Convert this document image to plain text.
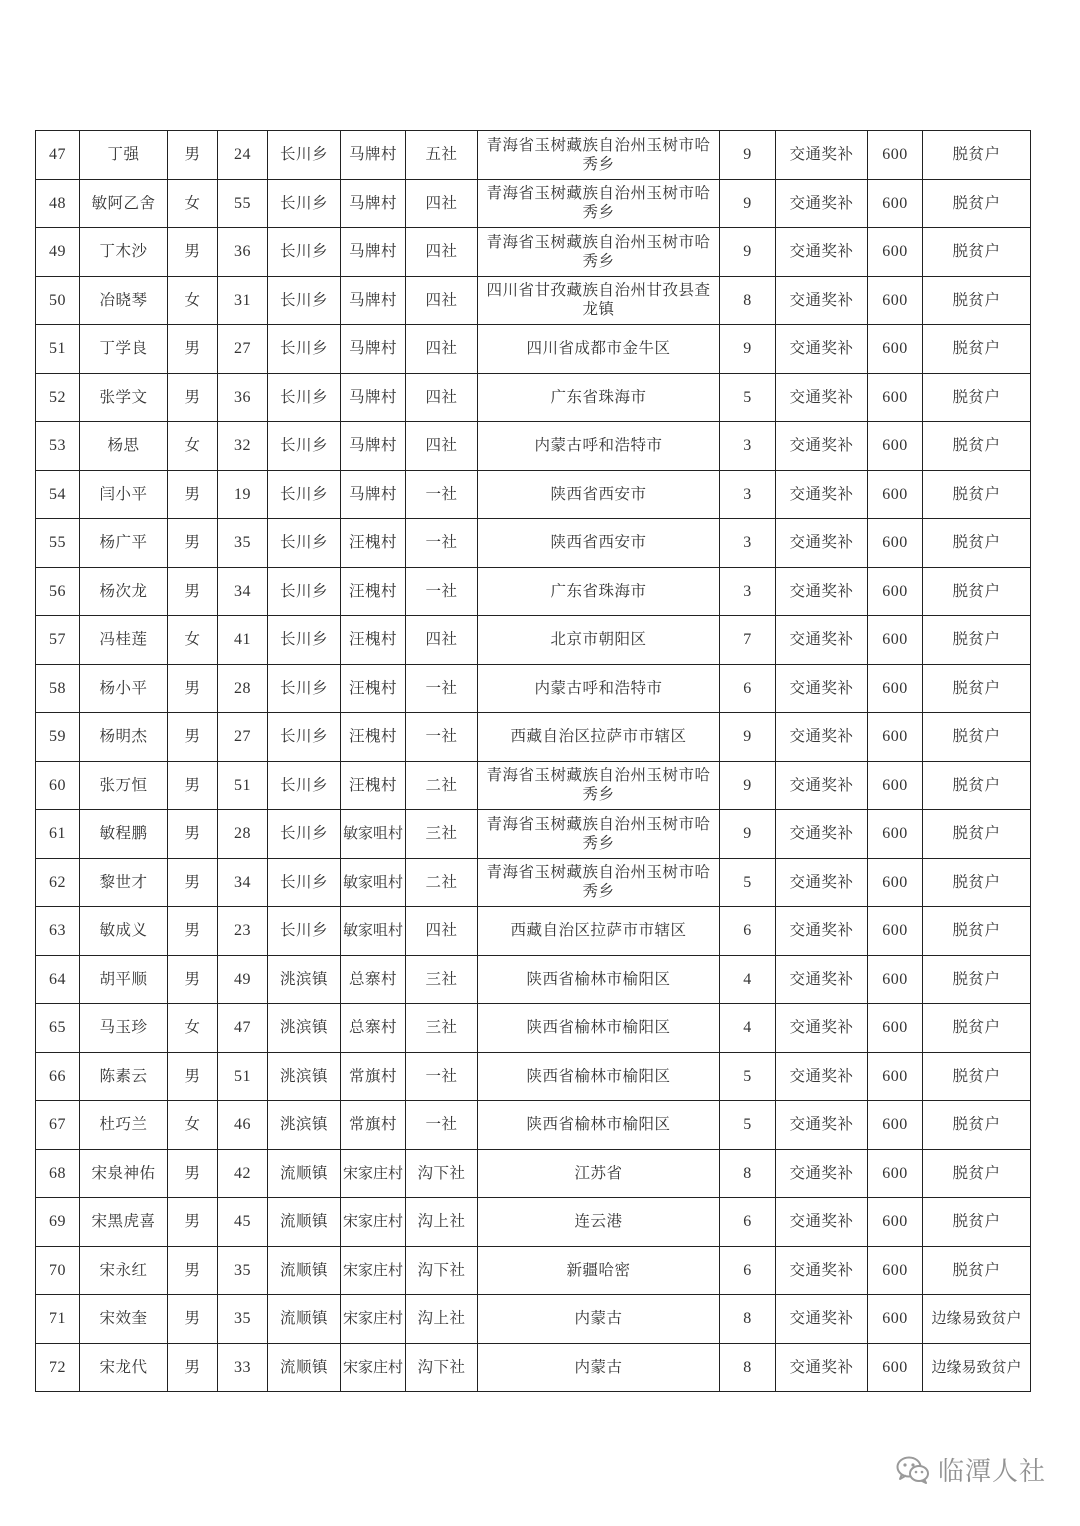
47	丁强	男	24	长川乡	马牌村	五社	青海省玉树藏族自治州玉树市哈秀乡	9	交通奖补	600	脱贫户
48	敏阿乙舍	女	55	长川乡	马牌村	四社	青海省玉树藏族自治州玉树市哈秀乡	9	交通奖补	600	脱贫户
49	丁木沙	男	36	长川乡	马牌村	四社	青海省玉树藏族自治州玉树市哈秀乡	9	交通奖补	600	脱贫户
50	冶晓琴	女	31	长川乡	马牌村	四社	四川省甘孜藏族自治州甘孜县查龙镇	8	交通奖补	600	脱贫户
51	丁学良	男	27	长川乡	马牌村	四社	四川省成都市金牛区	9	交通奖补	600	脱贫户
52	张学文	男	36	长川乡	马牌村	四社	广东省珠海市	5	交通奖补	600	脱贫户
53	杨思	女	32	长川乡	马牌村	四社	内蒙古呼和浩特市	3	交通奖补	600	脱贫户
54	闫小平	男	19	长川乡	马牌村	一社	陕西省西安市	3	交通奖补	600	脱贫户
55	杨广平	男	35	长川乡	汪槐村	一社	陕西省西安市	3	交通奖补	600	脱贫户
56	杨次龙	男	34	长川乡	汪槐村	一社	广东省珠海市	3	交通奖补	600	脱贫户
57	冯桂莲	女	41	长川乡	汪槐村	四社	北京市朝阳区	7	交通奖补	600	脱贫户
58	杨小平	男	28	长川乡	汪槐村	一社	内蒙古呼和浩特市	6	交通奖补	600	脱贫户
59	杨明杰	男	27	长川乡	汪槐村	一社	西藏自治区拉萨市市辖区	9	交通奖补	600	脱贫户
60	张万恒	男	51	长川乡	汪槐村	二社	青海省玉树藏族自治州玉树市哈秀乡	9	交通奖补	600	脱贫户
61	敏程鹏	男	28	长川乡	敏家咀村	三社	青海省玉树藏族自治州玉树市哈秀乡	9	交通奖补	600	脱贫户
62	黎世才	男	34	长川乡	敏家咀村	二社	青海省玉树藏族自治州玉树市哈秀乡	5	交通奖补	600	脱贫户
63	敏成义	男	23	长川乡	敏家咀村	四社	西藏自治区拉萨市市辖区	6	交通奖补	600	脱贫户
64	胡平顺	男	49	洮滨镇	总寨村	三社	陕西省榆林市榆阳区	4	交通奖补	600	脱贫户
65	马玉珍	女	47	洮滨镇	总寨村	三社	陕西省榆林市榆阳区	4	交通奖补	600	脱贫户
66	陈素云	男	51	洮滨镇	常旗村	一社	陕西省榆林市榆阳区	5	交通奖补	600	脱贫户
67	杜巧兰	女	46	洮滨镇	常旗村	一社	陕西省榆林市榆阳区	5	交通奖补	600	脱贫户
68	宋泉神佑	男	42	流顺镇	宋家庄村	沟下社	江苏省	8	交通奖补	600	脱贫户
69	宋黑虎喜	男	45	流顺镇	宋家庄村	沟上社	连云港	6	交通奖补	600	脱贫户
70	宋永红	男	35	流顺镇	宋家庄村	沟下社	新疆哈密	6	交通奖补	600	脱贫户
71	宋效奎	男	35	流顺镇	宋家庄村	沟上社	内蒙古	8	交通奖补	600	边缘易致贫户
72	宋龙代	男	33	流顺镇	宋家庄村	沟下社	内蒙古	8	交通奖补	600	边缘易致贫户
临潭人社
